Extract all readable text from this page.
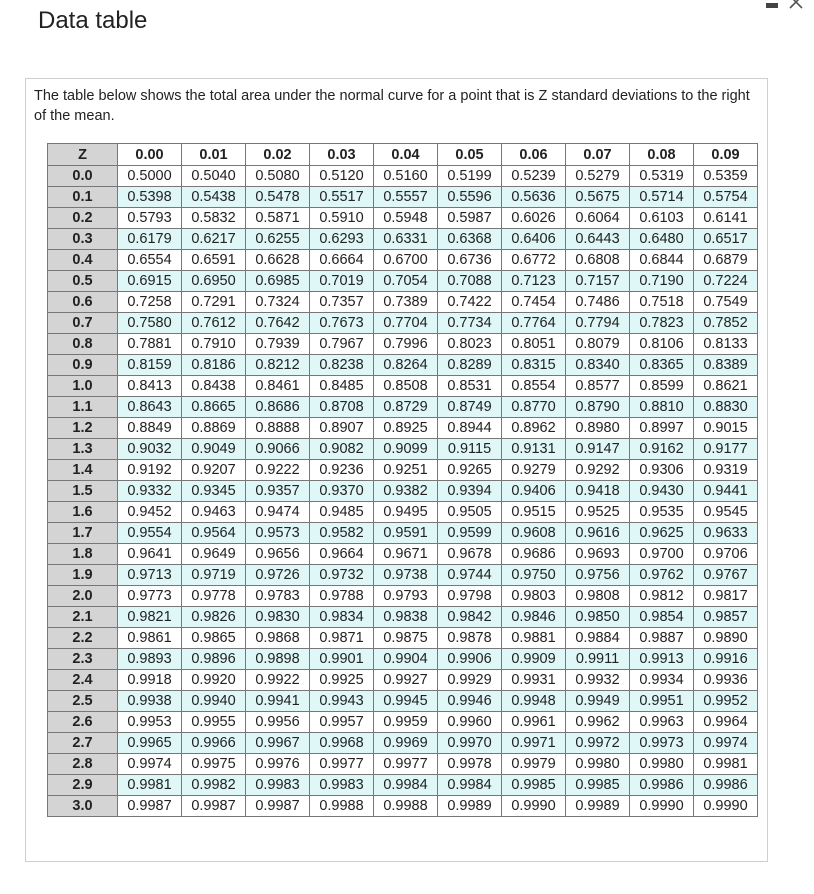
Data table
The table below shows the total area under the normal curve for a point that is Z standard deviations to the right of the mean.
Z	0.00	0.01	0.02	0.03	0.04	0.05	0.06	0.07	0.08	0.09
0.0	0.5000	0.5040	0.5080	0.5120	0.5160	0.5199	0.5239	0.5279	0.5319	0.5359
0.1	0.5398	0.5438	0.5478	0.5517	0.5557	0.5596	0.5636	0.5675	0.5714	0.5754
0.2	0.5793	0.5832	0.5871	0.5910	0.5948	0.5987	0.6026	0.6064	0.6103	0.6141
0.3	0.6179	0.6217	0.6255	0.6293	0.6331	0.6368	0.6406	0.6443	0.6480	0.6517
0.4	0.6554	0.6591	0.6628	0.6664	0.6700	0.6736	0.6772	0.6808	0.6844	0.6879
0.5	0.6915	0.6950	0.6985	0.7019	0.7054	0.7088	0.7123	0.7157	0.7190	0.7224
0.6	0.7258	0.7291	0.7324	0.7357	0.7389	0.7422	0.7454	0.7486	0.7518	0.7549
0.7	0.7580	0.7612	0.7642	0.7673	0.7704	0.7734	0.7764	0.7794	0.7823	0.7852
0.8	0.7881	0.7910	0.7939	0.7967	0.7996	0.8023	0.8051	0.8079	0.8106	0.8133
0.9	0.8159	0.8186	0.8212	0.8238	0.8264	0.8289	0.8315	0.8340	0.8365	0.8389
1.0	0.8413	0.8438	0.8461	0.8485	0.8508	0.8531	0.8554	0.8577	0.8599	0.8621
1.1	0.8643	0.8665	0.8686	0.8708	0.8729	0.8749	0.8770	0.8790	0.8810	0.8830
1.2	0.8849	0.8869	0.8888	0.8907	0.8925	0.8944	0.8962	0.8980	0.8997	0.9015
1.3	0.9032	0.9049	0.9066	0.9082	0.9099	0.9115	0.9131	0.9147	0.9162	0.9177
1.4	0.9192	0.9207	0.9222	0.9236	0.9251	0.9265	0.9279	0.9292	0.9306	0.9319
1.5	0.9332	0.9345	0.9357	0.9370	0.9382	0.9394	0.9406	0.9418	0.9430	0.9441
1.6	0.9452	0.9463	0.9474	0.9485	0.9495	0.9505	0.9515	0.9525	0.9535	0.9545
1.7	0.9554	0.9564	0.9573	0.9582	0.9591	0.9599	0.9608	0.9616	0.9625	0.9633
1.8	0.9641	0.9649	0.9656	0.9664	0.9671	0.9678	0.9686	0.9693	0.9700	0.9706
1.9	0.9713	0.9719	0.9726	0.9732	0.9738	0.9744	0.9750	0.9756	0.9762	0.9767
2.0	0.9773	0.9778	0.9783	0.9788	0.9793	0.9798	0.9803	0.9808	0.9812	0.9817
2.1	0.9821	0.9826	0.9830	0.9834	0.9838	0.9842	0.9846	0.9850	0.9854	0.9857
2.2	0.9861	0.9865	0.9868	0.9871	0.9875	0.9878	0.9881	0.9884	0.9887	0.9890
2.3	0.9893	0.9896	0.9898	0.9901	0.9904	0.9906	0.9909	0.9911	0.9913	0.9916
2.4	0.9918	0.9920	0.9922	0.9925	0.9927	0.9929	0.9931	0.9932	0.9934	0.9936
2.5	0.9938	0.9940	0.9941	0.9943	0.9945	0.9946	0.9948	0.9949	0.9951	0.9952
2.6	0.9953	0.9955	0.9956	0.9957	0.9959	0.9960	0.9961	0.9962	0.9963	0.9964
2.7	0.9965	0.9966	0.9967	0.9968	0.9969	0.9970	0.9971	0.9972	0.9973	0.9974
2.8	0.9974	0.9975	0.9976	0.9977	0.9977	0.9978	0.9979	0.9980	0.9980	0.9981
2.9	0.9981	0.9982	0.9983	0.9983	0.9984	0.9984	0.9985	0.9985	0.9986	0.9986
3.0	0.9987	0.9987	0.9987	0.9988	0.9988	0.9989	0.9990	0.9989	0.9990	0.9990
